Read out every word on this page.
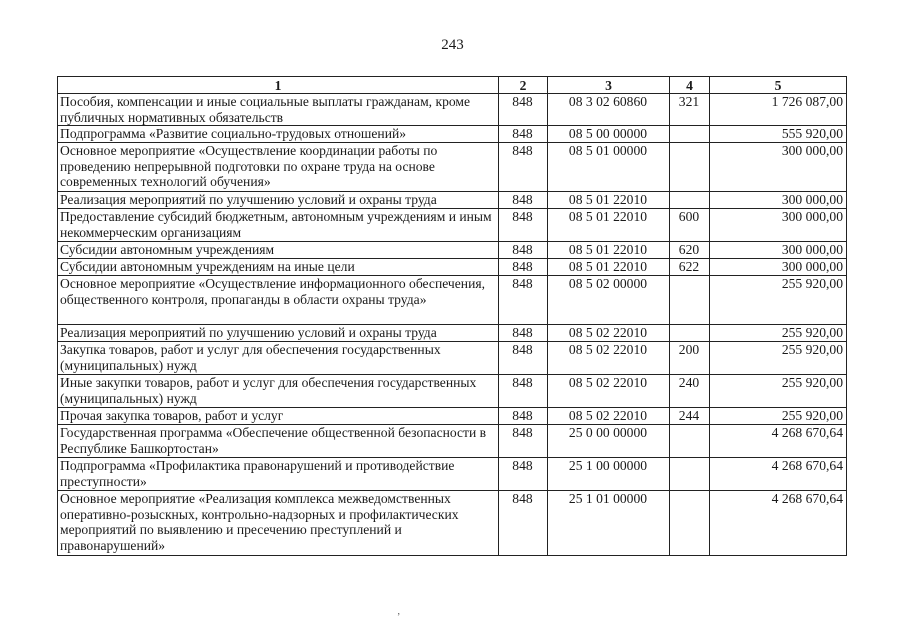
243
1	2	3	4	5
Пособия, компенсации и иные социальные выплаты гражданам, кроме публичных нормативных обязательств	848	08 3 02 60860	321	1 726 087,00
Подпрограмма «Развитие социально-трудовых отношений»	848	08 5 00 00000		555 920,00
Основное мероприятие «Осуществление координации работы по проведению непрерывной подготовки по охране труда на основе современных технологий обучения»	848	08 5 01 00000		300 000,00
Реализация мероприятий по улучшению условий и охраны труда	848	08 5 01 22010		300 000,00
Предоставление субсидий бюджетным, автономным учреждениям и иным некоммерческим организациям	848	08 5 01 22010	600	300 000,00
Субсидии автономным учреждениям	848	08 5 01 22010	620	300 000,00
Субсидии автономным учреждениям на иные цели	848	08 5 01 22010	622	300 000,00
Основное мероприятие «Осуществление информационного обеспечения, общественного контроля, пропаганды в области охраны труда»	848	08 5 02 00000		255 920,00
Реализация мероприятий по улучшению условий и охраны труда	848	08 5 02 22010		255 920,00
Закупка товаров, работ и услуг для обеспечения государственных (муниципальных) нужд	848	08 5 02 22010	200	255 920,00
Иные закупки товаров, работ и услуг для обеспечения государственных (муниципальных) нужд	848	08 5 02 22010	240	255 920,00
Прочая закупка товаров, работ и услуг	848	08 5 02 22010	244	255 920,00
Государственная программа «Обеспечение общественной безопасности в Республике Башкортостан»	848	25 0 00 00000		4 268 670,64
Подпрограмма «Профилактика правонарушений и противодействие преступности»	848	25 1 00 00000		4 268 670,64
Основное мероприятие «Реализация комплекса межведомственных оперативно-розыскных, контрольно-надзорных и профилактических мероприятий по выявлению и пресечению преступлений и правонарушений»	848	25 1 01 00000		4 268 670,64
’
